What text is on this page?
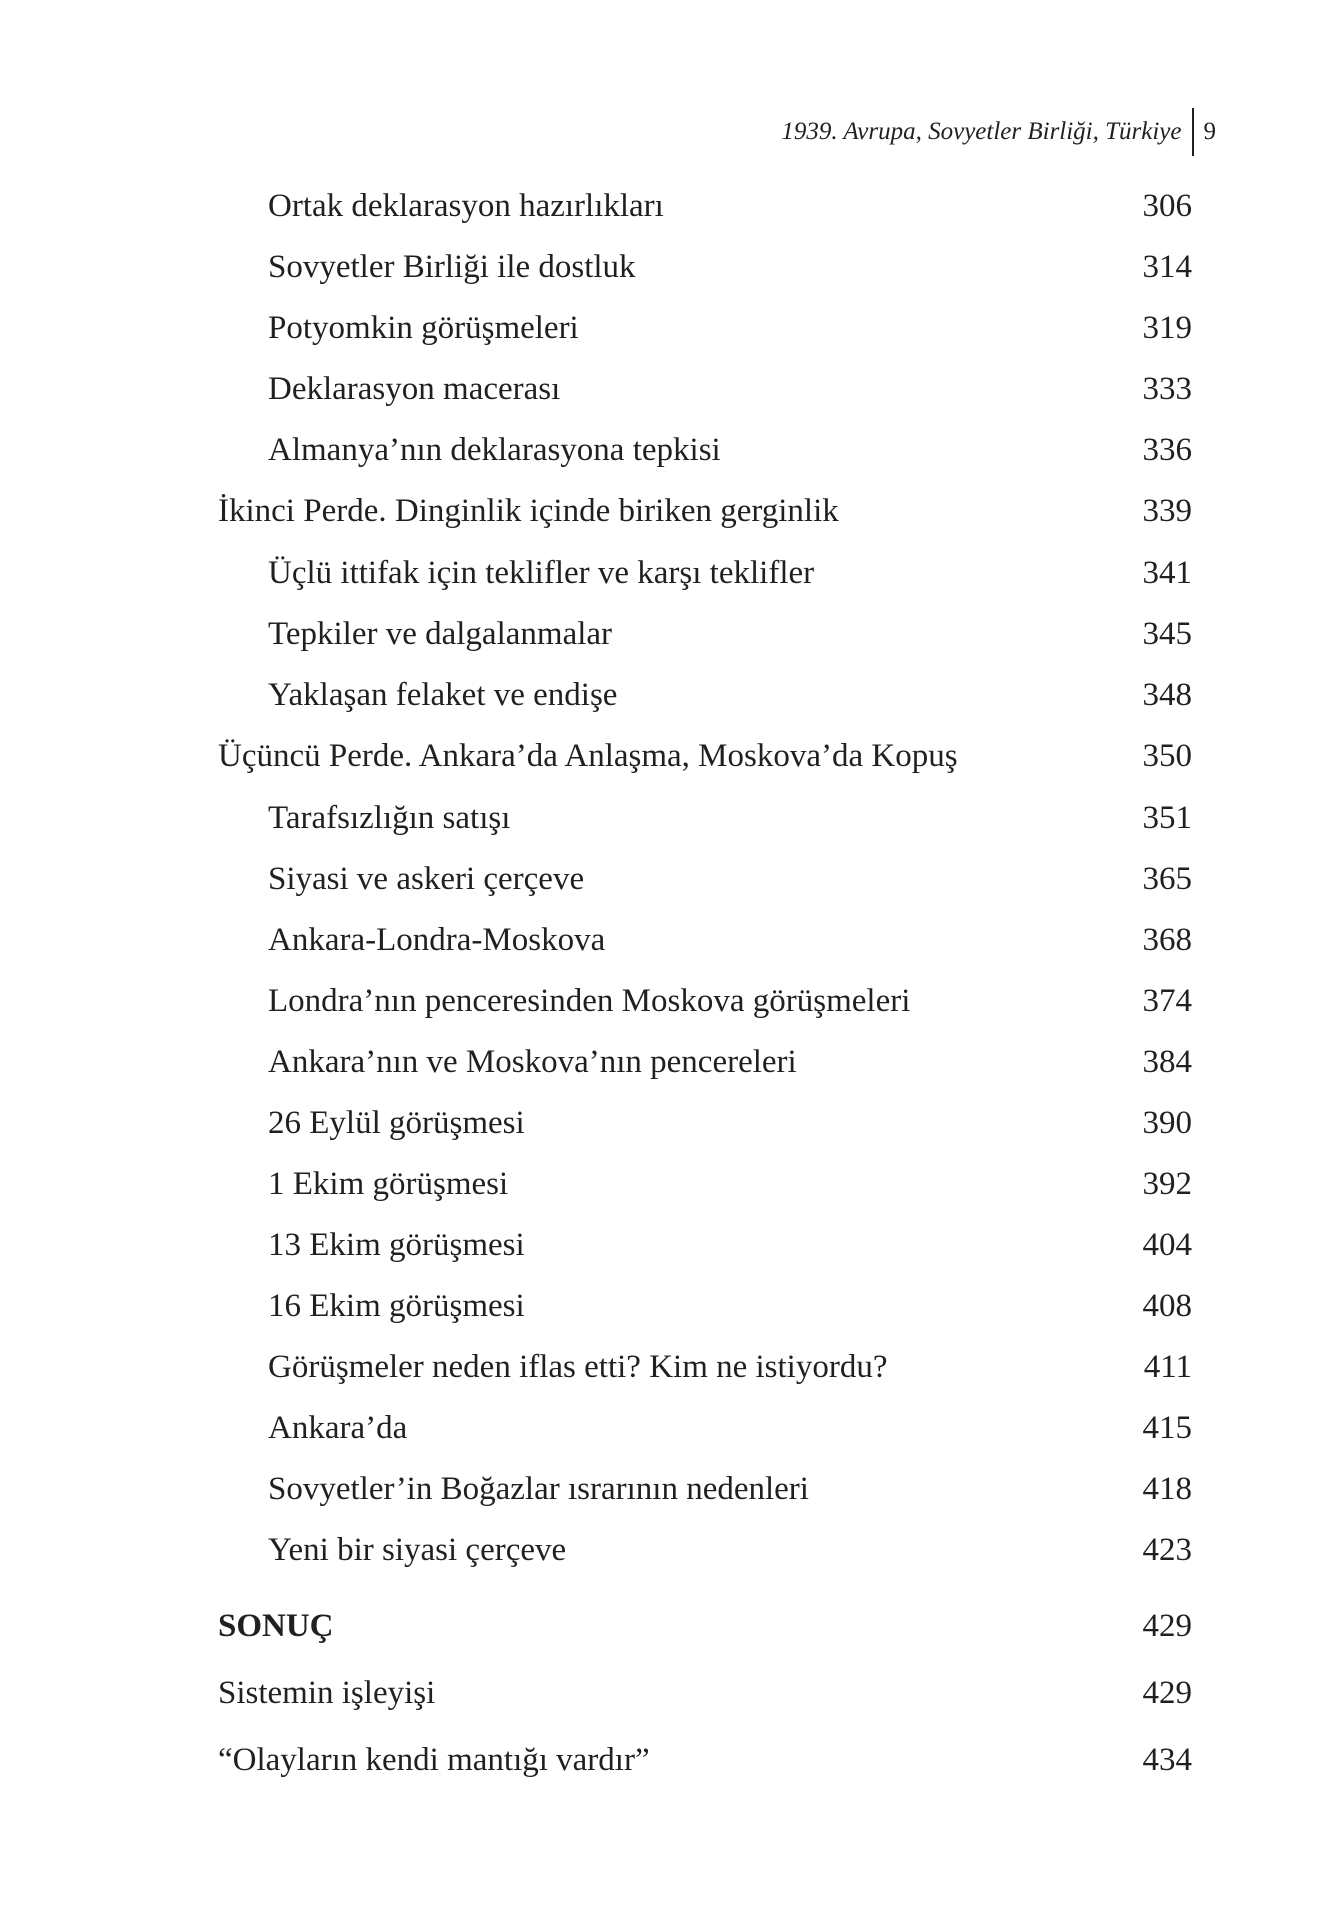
1939. Avrupa, Sovyetler Birliği, Türkiye 9
Ortak deklarasyon hazırlıkları	306
Sovyetler Birliği ile dostluk	314
Potyomkin görüşmeleri	319
Deklarasyon macerası	333
Almanya’nın deklarasyona tepkisi	336
İkinci Perde. Dinginlik içinde biriken gerginlik	339
Üçlü ittifak için teklifler ve karşı teklifler	341
Tepkiler ve dalgalanmalar	345
Yaklaşan felaket ve endişe	348
Üçüncü Perde. Ankara’da Anlaşma, Moskova’da Kopuş	350
Tarafsızlığın satışı	351
Siyasi ve askeri çerçeve	365
Ankara-Londra-Moskova	368
Londra’nın penceresinden Moskova görüşmeleri	374
Ankara’nın ve Moskova’nın pencereleri	384
26 Eylül görüşmesi	390
1 Ekim görüşmesi	392
13 Ekim görüşmesi	404
16 Ekim görüşmesi	408
Görüşmeler neden iflas etti? Kim ne istiyordu?	411
Ankara’da	415
Sovyetler’in Boğazlar ısrarının nedenleri	418
Yeni bir siyasi çerçeve	423
SONUÇ	429
Sistemin işleyişi	429
“Olayların kendi mantığı vardır”	434
